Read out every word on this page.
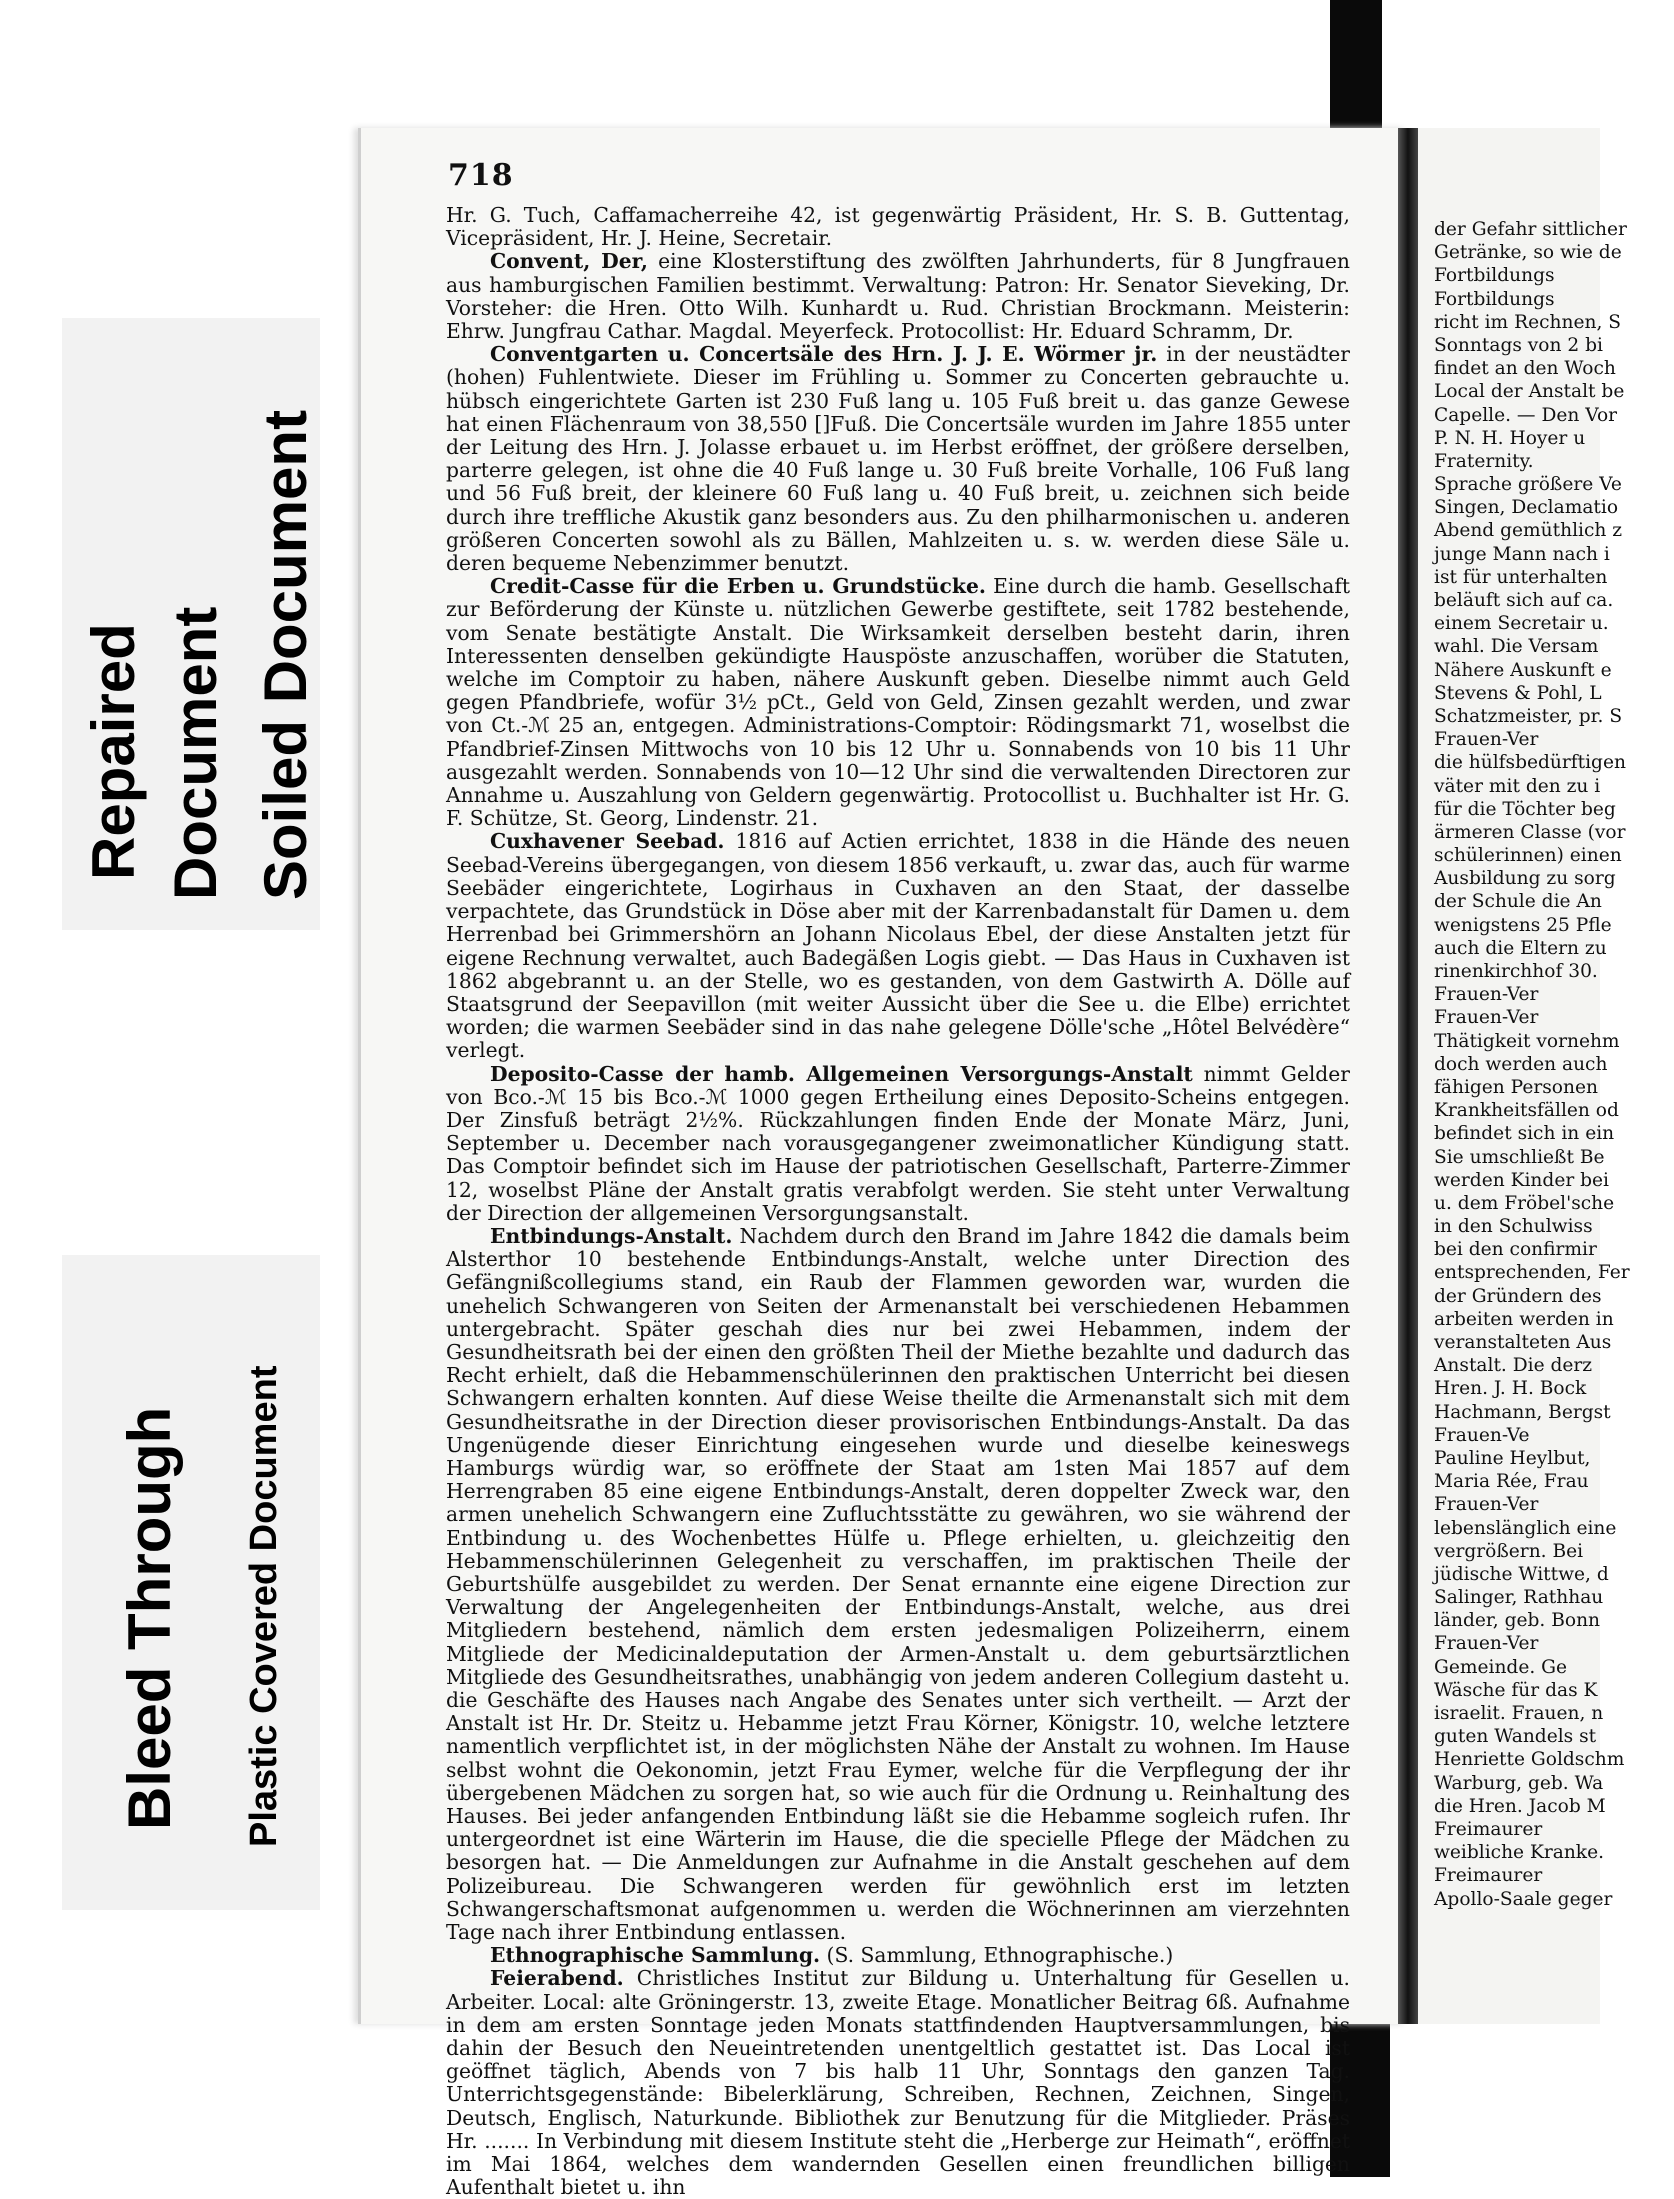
Repaired Document Soiled Document
Bleed Through Plastic Covered Document
der Gefahr sittlicher
Getränke, so wie de
Fortbildungs
Fortbildungs
richt im Rechnen, S
Sonntags von 2 bi
findet an den Woch
Local der Anstalt be
Capelle. — Den Vor
P. N. H. Hoyer u
Fraternity.
Sprache größere Ve
Singen, Declamatio
Abend gemüthlich z
junge Mann nach i
ist für unterhalten
beläuft sich auf ca.
einem Secretair u.
wahl. Die Versam
Nähere Auskunft e
Stevens & Pohl, L
Schatzmeister, pr. S
Frauen-Ver
die hülfsbedürftigen
väter mit den zu i
für die Töchter beg
ärmeren Classe (vor
schülerinnen) einen
Ausbildung zu sorg
der Schule die An
wenigstens 25 Pfle
auch die Eltern zu
rinenkirchhof 30.
Frauen-Ver
Frauen-Ver
Thätigkeit vornehm
doch werden auch
fähigen Personen
Krankheitsfällen od
befindet sich in ein
Sie umschließt Be
werden Kinder bei
u. dem Fröbel'sche
in den Schulwiss
bei den confirmir
entsprechenden, Fer
der Gründern des
arbeiten werden in
veranstalteten Aus
Anstalt. Die derz
Hren. J. H. Bock
Hachmann, Bergst
Frauen-Ve
Pauline Heylbut,
Maria Rée, Frau
Frauen-Ver
lebenslänglich eine
vergrößern. Bei
jüdische Wittwe, d
Salinger, Rathhau
länder, geb. Bonn
Frauen-Ver
Gemeinde. Ge
Wäsche für das K
israelit. Frauen, n
guten Wandels st
Henriette Goldschm
Warburg, geb. Wa
die Hren. Jacob M
Freimaurer
weibliche Kranke.
Freimaurer
Apollo-Saale geger
718

Hr. G. Tuch, Caffamacherreihe 42, ist gegenwärtig Präsident, Hr. S. B. Guttentag, Vicepräsident, Hr. J. Heine, Secretair.

Convent, Der, eine Klosterstiftung des zwölften Jahrhunderts, für 8 Jungfrauen aus hamburgischen Familien bestimmt. Verwaltung: Patron: Hr. Senator Sieveking, Dr. Vorsteher: die Hren. Otto Wilh. Kunhardt u. Rud. Christian Brockmann. Meisterin: Ehrw. Jungfrau Cathar. Magdal. Meyerfeck. Protocollist: Hr. Eduard Schramm, Dr.

Conventgarten u. Concertsäle des Hrn. J. J. E. Wörmer jr. in der neustädter (hohen) Fuhlentwiete. Dieser im Frühling u. Sommer zu Concerten gebrauchte u. hübsch eingerichtete Garten ist 230 Fuß lang u. 105 Fuß breit u. das ganze Gewese hat einen Flächenraum von 38,550 []Fuß. Die Concertsäle wurden im Jahre 1855 unter der Leitung des Hrn. J. Jolasse erbauet u. im Herbst eröffnet, der größere derselben, parterre gelegen, ist ohne die 40 Fuß lange u. 30 Fuß breite Vorhalle, 106 Fuß lang und 56 Fuß breit, der kleinere 60 Fuß lang u. 40 Fuß breit, u. zeichnen sich beide durch ihre treffliche Akustik ganz besonders aus. Zu den philharmonischen u. anderen größeren Concerten sowohl als zu Bällen, Mahlzeiten u. s. w. werden diese Säle u. deren bequeme Nebenzimmer benutzt.

Credit-Casse für die Erben u. Grundstücke. Eine durch die hamb. Gesellschaft zur Beförderung der Künste u. nützlichen Gewerbe gestiftete, seit 1782 bestehende, vom Senate bestätigte Anstalt. Die Wirksamkeit derselben besteht darin, ihren Interessenten denselben gekündigte Hauspöste anzuschaffen, worüber die Statuten, welche im Comptoir zu haben, nähere Auskunft geben. Dieselbe nimmt auch Geld gegen Pfandbriefe, wofür 3½ pCt., Geld von Geld, Zinsen gezahlt werden, und zwar von Ct.-ℳ 25 an, entgegen. Administrations-Comptoir: Rödingsmarkt 71, woselbst die Pfandbrief-Zinsen Mittwochs von 10 bis 12 Uhr u. Sonnabends von 10 bis 11 Uhr ausgezahlt werden. Sonnabends von 10—12 Uhr sind die verwaltenden Directoren zur Annahme u. Auszahlung von Geldern gegenwärtig. Protocollist u. Buchhalter ist Hr. G. F. Schütze, St. Georg, Lindenstr. 21.

Cuxhavener Seebad. 1816 auf Actien errichtet, 1838 in die Hände des neuen Seebad-Vereins übergegangen, von diesem 1856 verkauft, u. zwar das, auch für warme Seebäder eingerichtete, Logirhaus in Cuxhaven an den Staat, der dasselbe verpachtete, das Grundstück in Döse aber mit der Karrenbadanstalt für Damen u. dem Herrenbad bei Grimmershörn an Johann Nicolaus Ebel, der diese Anstalten jetzt für eigene Rechnung verwaltet, auch Badegäßen Logis giebt. — Das Haus in Cuxhaven ist 1862 abgebrannt u. an der Stelle, wo es gestanden, von dem Gastwirth A. Dölle auf Staatsgrund der Seepavillon (mit weiter Aussicht über die See u. die Elbe) errichtet worden; die warmen Seebäder sind in das nahe gelegene Dölle'sche „Hôtel Belvédère“ verlegt.

Deposito-Casse der hamb. Allgemeinen Versorgungs-Anstalt nimmt Gelder von Bco.-ℳ 15 bis Bco.-ℳ 1000 gegen Ertheilung eines Deposito-Scheins entgegen. Der Zinsfuß beträgt 2½%. Rückzahlungen finden Ende der Monate März, Juni, September u. December nach vorausgegangener zweimonatlicher Kündigung statt. Das Comptoir befindet sich im Hause der patriotischen Gesellschaft, Parterre-Zimmer 12, woselbst Pläne der Anstalt gratis verabfolgt werden. Sie steht unter Verwaltung der Direction der allgemeinen Versorgungsanstalt.

Entbindungs-Anstalt. Nachdem durch den Brand im Jahre 1842 die damals beim Alsterthor 10 bestehende Entbindungs-Anstalt, welche unter Direction des Gefängnißcollegiums stand, ein Raub der Flammen geworden war, wurden die unehelich Schwangeren von Seiten der Armenanstalt bei verschiedenen Hebammen untergebracht. Später geschah dies nur bei zwei Hebammen, indem der Gesundheitsrath bei der einen den größten Theil der Miethe bezahlte und dadurch das Recht erhielt, daß die Hebammenschülerinnen den praktischen Unterricht bei diesen Schwangern erhalten konnten. Auf diese Weise theilte die Armenanstalt sich mit dem Gesundheitsrathe in der Direction dieser provisorischen Entbindungs-Anstalt. Da das Ungenügende dieser Einrichtung eingesehen wurde und dieselbe keineswegs Hamburgs würdig war, so eröffnete der Staat am 1sten Mai 1857 auf dem Herrengraben 85 eine eigene Entbindungs-Anstalt, deren doppelter Zweck war, den armen unehelich Schwangern eine Zufluchtsstätte zu gewähren, wo sie während der Entbindung u. des Wochenbettes Hülfe u. Pflege erhielten, u. gleichzeitig den Hebammenschülerinnen Gelegenheit zu verschaffen, im praktischen Theile der Geburtshülfe ausgebildet zu werden. Der Senat ernannte eine eigene Direction zur Verwaltung der Angelegenheiten der Entbindungs-Anstalt, welche, aus drei Mitgliedern bestehend, nämlich dem ersten jedesmaligen Polizeiherrn, einem Mitgliede der Medicinaldeputation der Armen-Anstalt u. dem geburtsärztlichen Mitgliede des Gesundheitsrathes, unabhängig von jedem anderen Collegium dasteht u. die Geschäfte des Hauses nach Angabe des Senates unter sich vertheilt. — Arzt der Anstalt ist Hr. Dr. Steitz u. Hebamme jetzt Frau Körner, Königstr. 10, welche letztere namentlich verpflichtet ist, in der möglichsten Nähe der Anstalt zu wohnen. Im Hause selbst wohnt die Oekonomin, jetzt Frau Eymer, welche für die Verpflegung der ihr übergebenen Mädchen zu sorgen hat, so wie auch für die Ordnung u. Reinhaltung des Hauses. Bei jeder anfangenden Entbindung läßt sie die Hebamme sogleich rufen. Ihr untergeordnet ist eine Wärterin im Hause, die die specielle Pflege der Mädchen zu besorgen hat. — Die Anmeldungen zur Aufnahme in die Anstalt geschehen auf dem Polizeibureau. Die Schwangeren werden für gewöhnlich erst im letzten Schwangerschaftsmonat aufgenommen u. werden die Wöchnerinnen am vierzehnten Tage nach ihrer Entbindung entlassen.

Ethnographische Sammlung. (S. Sammlung, Ethnographische.)

Feierabend. Christliches Institut zur Bildung u. Unterhaltung für Gesellen u. Arbeiter. Local: alte Gröningerstr. 13, zweite Etage. Monatlicher Beitrag 6ß. Aufnahme in dem am ersten Sonntage jeden Monats stattfindenden Hauptversammlungen, bis dahin der Besuch den Neueintretenden unentgeltlich gestattet ist. Das Local ist geöffnet täglich, Abends von 7 bis halb 11 Uhr, Sonntags den ganzen Tag. Unterrichtsgegenstände: Bibelerklärung, Schreiben, Rechnen, Zeichnen, Singen, Deutsch, Englisch, Naturkunde. Bibliothek zur Benutzung für die Mitglieder. Präses Hr. ....... In Verbindung mit diesem Institute steht die „Herberge zur Heimath“, eröffnet im Mai 1864, welches dem wandernden Gesellen einen freundlichen billigen Aufenthalt bietet u. ihn
